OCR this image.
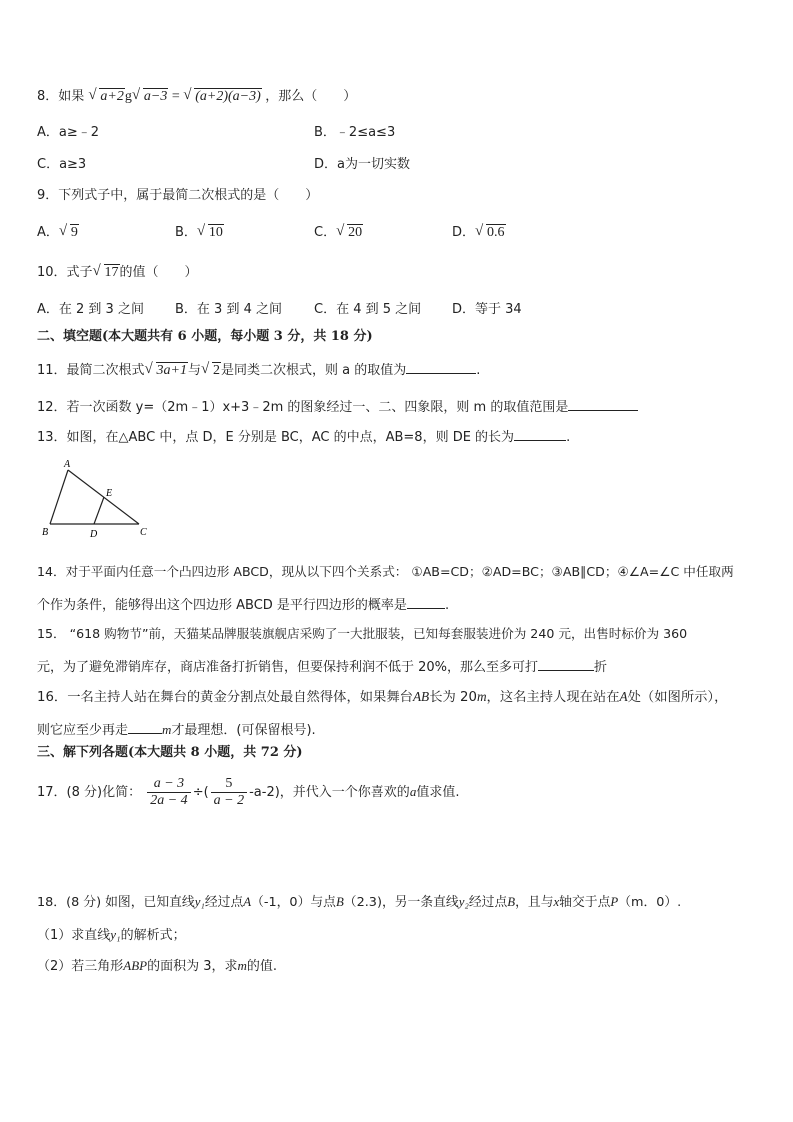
8．如果 √ a+2g √ a−3 = √ (a+2)(a−3) ，那么（　　）
A．a≥﹣2	B．﹣2≤a≤3
C．a≥3	D．a为一切实数
9．下列式子中，属于最简二次根式的是（　　）
A． √ 9	B． √ 10	C． √ 20	D． √ 0.6
10．式子 √ 17的值（　　）
A．在 2 到 3 之间 B．在 3 到 4 之间 C．在 4 到 5 之间 D．等于 34
二、填空题(本大题共有 6 小题，每小题 3 分，共 18 分)
11．最简二次根式 √ 3a+1与 √ 2是同类二次根式，则 a 的取值为	.
12．若一次函数 y=（2m﹣1）x+3﹣2m 的图象经过一、二、四象限，则 m 的取值范围是
13．如图，在△ABC 中，点 D，E 分别是 BC，AC 的中点，AB=8，则 DE 的长为	.
A
B	C
D
E
14．对于平面内任意一个凸四边形 ABCD，现从以下四个关系式： ①AB=CD；②AD=BC；③AB∥CD；④∠A=∠C 中任取两
个作为条件，能够得出这个四边形 ABCD 是平行四边形的概率是	.
15． “618 购物节”前，天猫某品牌服装旗舰店采购了一大批服装，已知每套服装进价为 240 元，出售时标价为 360
元，为了避免滞销库存，商店准备打折销售，但要保持利润不低于 20%，那么至多可打	折
16．一名主持人站在舞台的黄金分割点处最自然得体，如果舞台AB长为 20m，这名主持人现在站在A处（如图所示），
则它应至少再走	m才最理想．(可保留根号).
三、解下列各题(本大题共 8 小题，共 72 分)
17．(8 分)化简： $\frac{a - 3}{2a - 4}$ ÷( $\frac{5}{a - 2} -a-2$)，并代入一个你喜欢的a值求值.
18．(8 分) 如图，已知直线y₁经过点A（-1，0）与点B（2.3)，另一条直线y₂经过点B，且与x轴交于点P（m．0）.
（1）求直线y₁的解析式；
（2）若三角形ABP的面积为 3，求m的值.
